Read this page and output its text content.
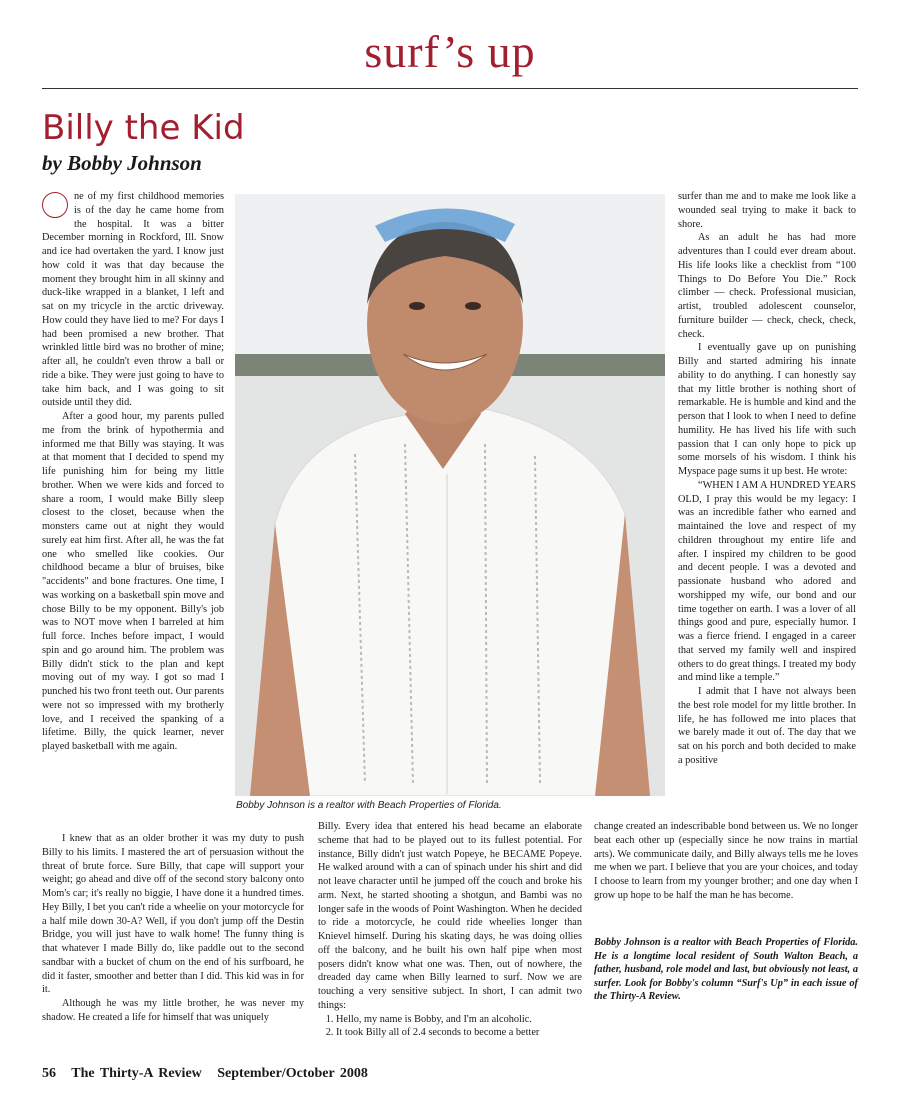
surf’s up
Billy the Kid
by Bobby Johnson

ne of my first childhood memories is of the day he came home from the hospital. It was a bitter December morning in Rockford, Ill. Snow and ice had overtaken the yard. I know just how cold it was that day because the moment they brought him in all skinny and duck-like wrapped in a blanket, I left and sat on my tricycle in the arctic driveway. How could they have lied to me? For days I had been promised a new brother. That wrinkled little bird was no brother of mine; after all, he couldn't even throw a ball or ride a bike. They were just going to have to take him back, and I was going to sit outside until they did.

After a good hour, my parents pulled me from the brink of hypothermia and informed me that Billy was staying. It was at that moment that I decided to spend my life punishing him for being my little brother. When we were kids and forced to share a room, I would make Billy sleep closest to the closet, because when the monsters came out at night they would surely eat him first. After all, he was the fat one who smelled like cookies. Our childhood became a blur of bruises, bike "accidents" and bone fractures. One time, I was working on a basketball spin move and chose Billy to be my opponent. Billy's job was to NOT move when I barreled at him full force. Inches before impact, I would spin and go around him. The problem was Billy didn't stick to the plan and kept moving out of my way. I got so mad I punched his two front teeth out. Our parents were not so impressed with my brotherly love, and I received the spanking of a lifetime. Billy, the quick learner, never played basketball with me again.

Bobby Johnson is a realtor with Beach Properties of Florida.

surfer than me and to make me look like a wounded seal trying to make it back to shore.

As an adult he has had more adventures than I could ever dream about. His life looks like a checklist from “100 Things to Do Before You Die.” Rock climber — check. Professional musician, artist, troubled adolescent counselor, furniture builder — check, check, check, check.

I eventually gave up on punishing Billy and started admiring his innate ability to do anything. I can honestly say that my little brother is nothing short of remarkable. He is humble and kind and the person that I look to when I need to define humility. He has lived his life with such passion that I can only hope to pick up some morsels of his wisdom. I think his Myspace page sums it up best. He wrote:

“WHEN I AM A HUNDRED YEARS OLD, I pray this would be my legacy: I was an incredible father who earned and maintained the love and respect of my children throughout my entire life and after. I inspired my children to be good and decent people. I was a devoted and passionate husband who adored and worshipped my wife, our bond and our time together on earth. I was a lover of all things good and pure, especially humor. I was a fierce friend. I engaged in a career that served my family well and inspired others to do great things. I treated my body and mind like a temple.”

I admit that I have not always been the best role model for my little brother. In life, he has followed me into places that we barely made it out of. The day that we sat on his porch and both decided to make a positive

I knew that as an older brother it was my duty to push Billy to his limits. I mastered the art of persuasion without the threat of brute force. Sure Billy, that cape will support your weight; go ahead and dive off of the second story balcony onto Mom's car; it's really no biggie, I have done it a hundred times. Hey Billy, I bet you can't ride a wheelie on your motorcycle for a half mile down 30-A? Well, if you don't jump off the Destin Bridge, you will just have to walk home! The funny thing is that whatever I made Billy do, like paddle out to the second sandbar with a bucket of chum on the end of his surfboard, he did it faster, smoother and better than I did. This kid was in for it.

Although he was my little brother, he was never my shadow. He created a life for himself that was uniquely

Billy. Every idea that entered his head became an elaborate scheme that had to be played out to its fullest potential. For instance, Billy didn't just watch Popeye, he BECAME Popeye. He walked around with a can of spinach under his shirt and did not leave character until he jumped off the couch and broke his arm. Next, he started shooting a shotgun, and Bambi was no longer safe in the woods of Point Washington. When he decided to ride a motorcycle, he could ride wheelies longer than Knievel himself. During his skating days, he was doing ollies off the balcony, and he built his own half pipe when most posers didn't know what one was. Then, out of nowhere, the dreaded day came when Billy learned to surf. Now we are touching a very sensitive subject. In short, I can admit two things:

1. Hello, my name is Bobby, and I'm an alcoholic.
2. It took Billy all of 2.4 seconds to become a better

change created an indescribable bond between us. We no longer beat each other up (especially since he now trains in martial arts). We communicate daily, and Billy always tells me he loves me when we part. I believe that you are your choices, and today I choose to learn from my younger brother; and one day when I grow up hope to be half the man he has become.

Bobby Johnson is a realtor with Beach Properties of Florida. He is a longtime local resident of South Walton Beach, a father, husband, role model and last, but obviously not least, a surfer. Look for Bobby's column “Surf's Up” in each issue of the Thirty-A Review.
56 The Thirty-A Review September/October 2008
